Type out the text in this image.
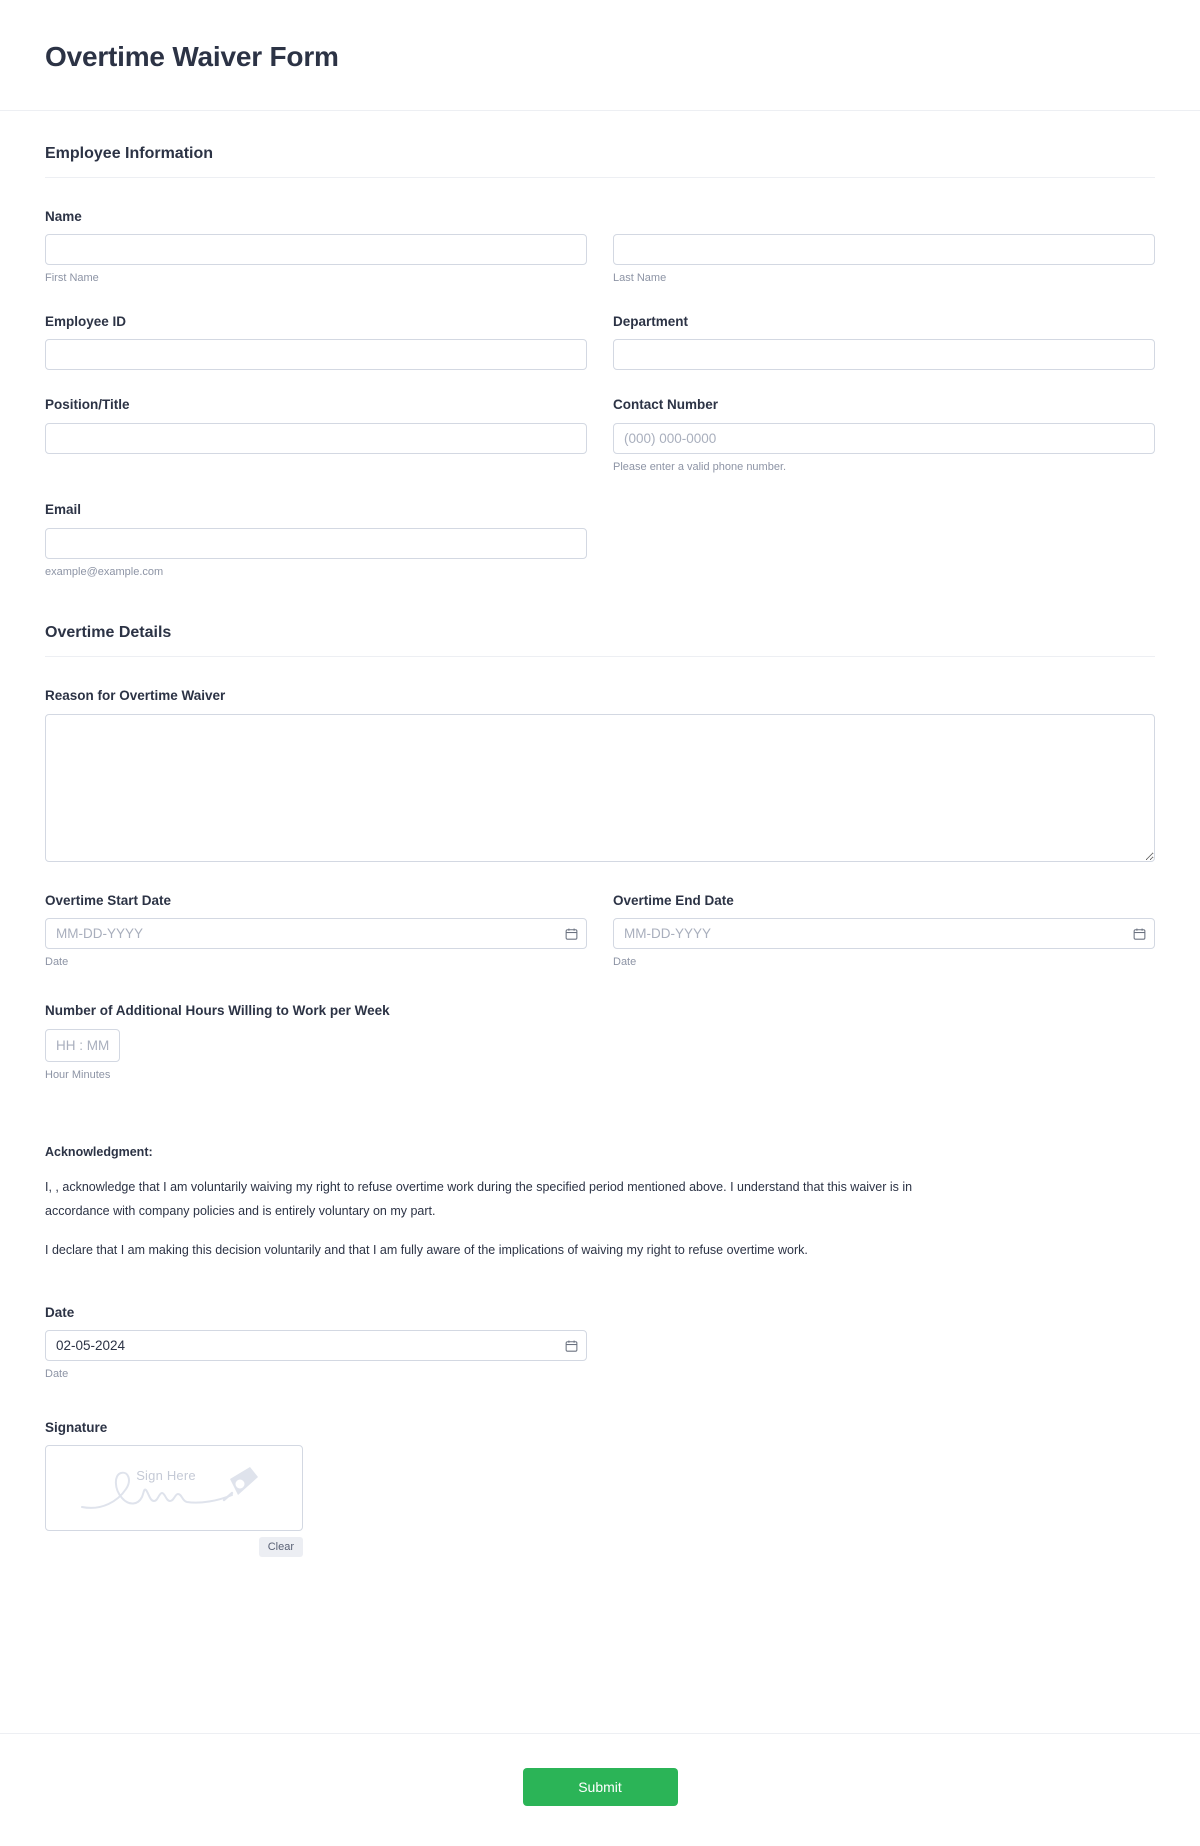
Overtime Waiver Form
Employee Information
Name
First Name	Last Name
Employee ID	Department
Position/Title	Contact Number
(000) 000-0000
Please enter a valid phone number.
Email
example@example.com
Overtime Details
Reason for Overtime Waiver
Overtime Start Date
MM-DD-YYYY
Date
Overtime End Date
MM-DD-YYYY
Date
Number of Additional Hours Willing to Work per Week
HH : MM
Hour Minutes

Acknowledgment:

I, , acknowledge that I am voluntarily waiving my right to refuse overtime work during the specified period mentioned above. I understand that this waiver is in accordance with company policies and is entirely voluntary on my part.

I declare that I am making this decision voluntarily and that I am fully aware of the implications of waiving my right to refuse overtime work.

Date
02-05-2024
Date
Signature
Sign Here
Clear
Submit
